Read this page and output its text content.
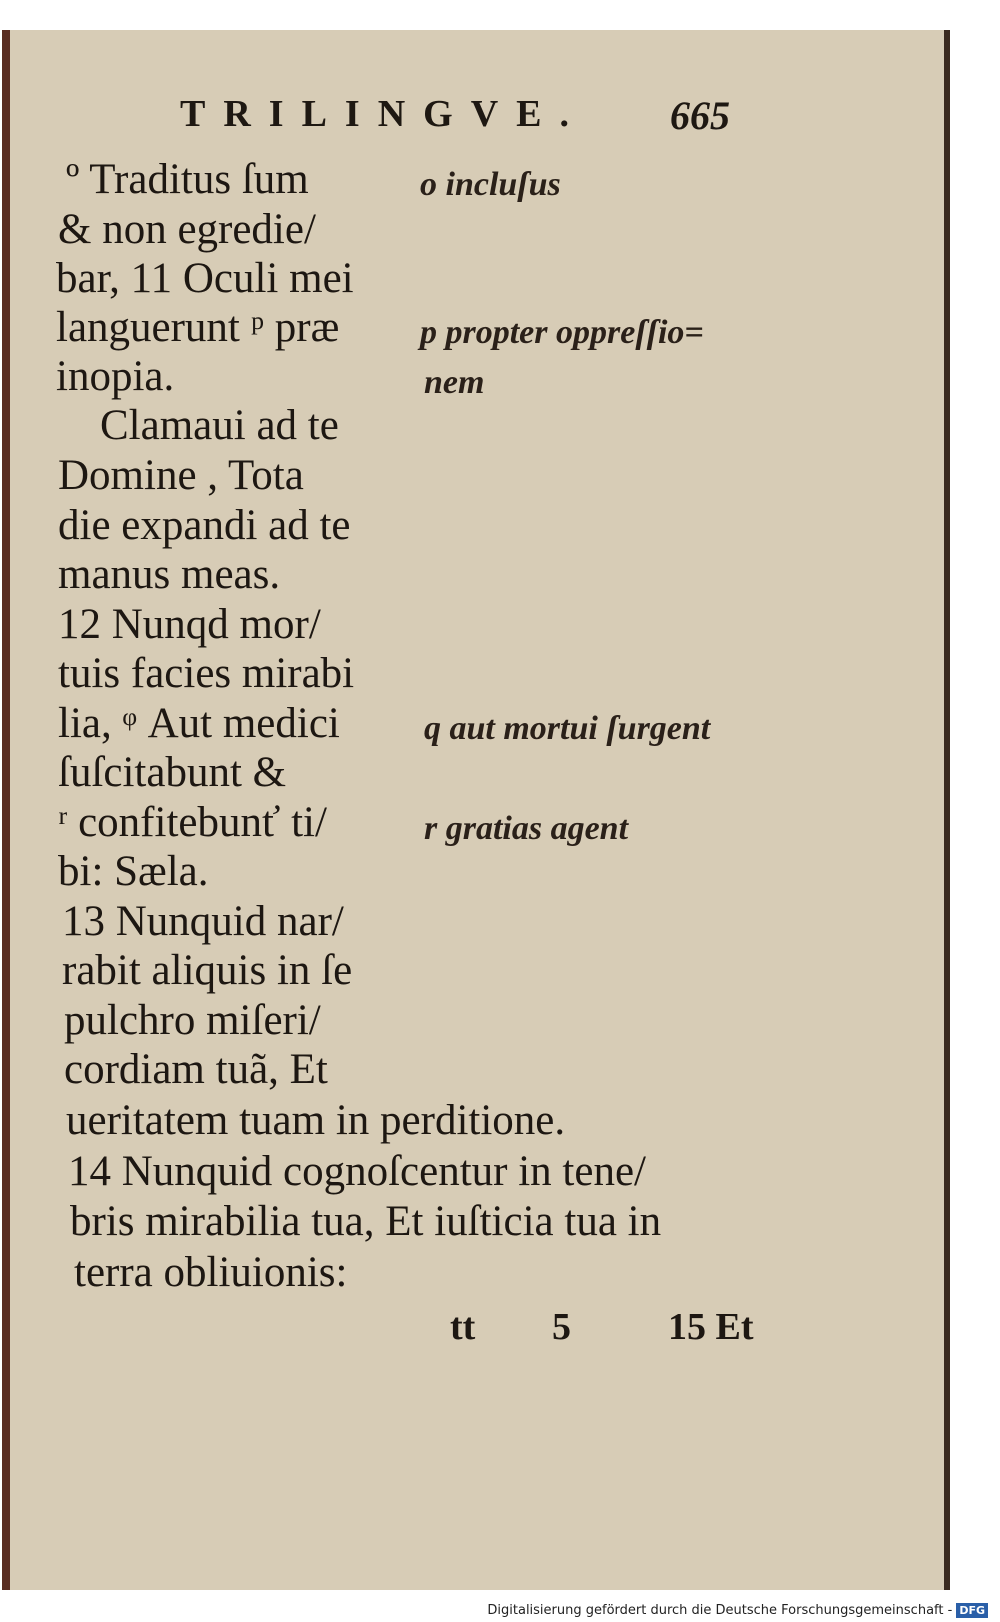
TRILINGVE. 665
º Traditus ſum
& non egredie/
bar, 11 Oculi mei
languerunt ᵖ præ
inopia.
Clamaui ad te
Domine , Tota
die expandi ad te
manus meas.
12 Nunqd mor/
tuis facies mirabi
lia, ᵠ Aut medici
ſuſcitabunt &
ʳ confitebunť ti/
bi: Sæla.
13 Nunquid nar/
rabit aliquis in ſe
pulchro miſeri/
cordiam tuã, Et
ueritatem tuam in perditione.
14 Nunquid cognoſcentur in tene/
bris mirabilia tua, Et iuſticia tua in
terra obliuionis:
o incluſus
p propter oppreſſio=
nem
q aut mortui ſurgent
r gratias agent
tt 5	15 Et
Digitalisierung gefördert durch die Deutsche Forschungsgemeinschaft - DFG
